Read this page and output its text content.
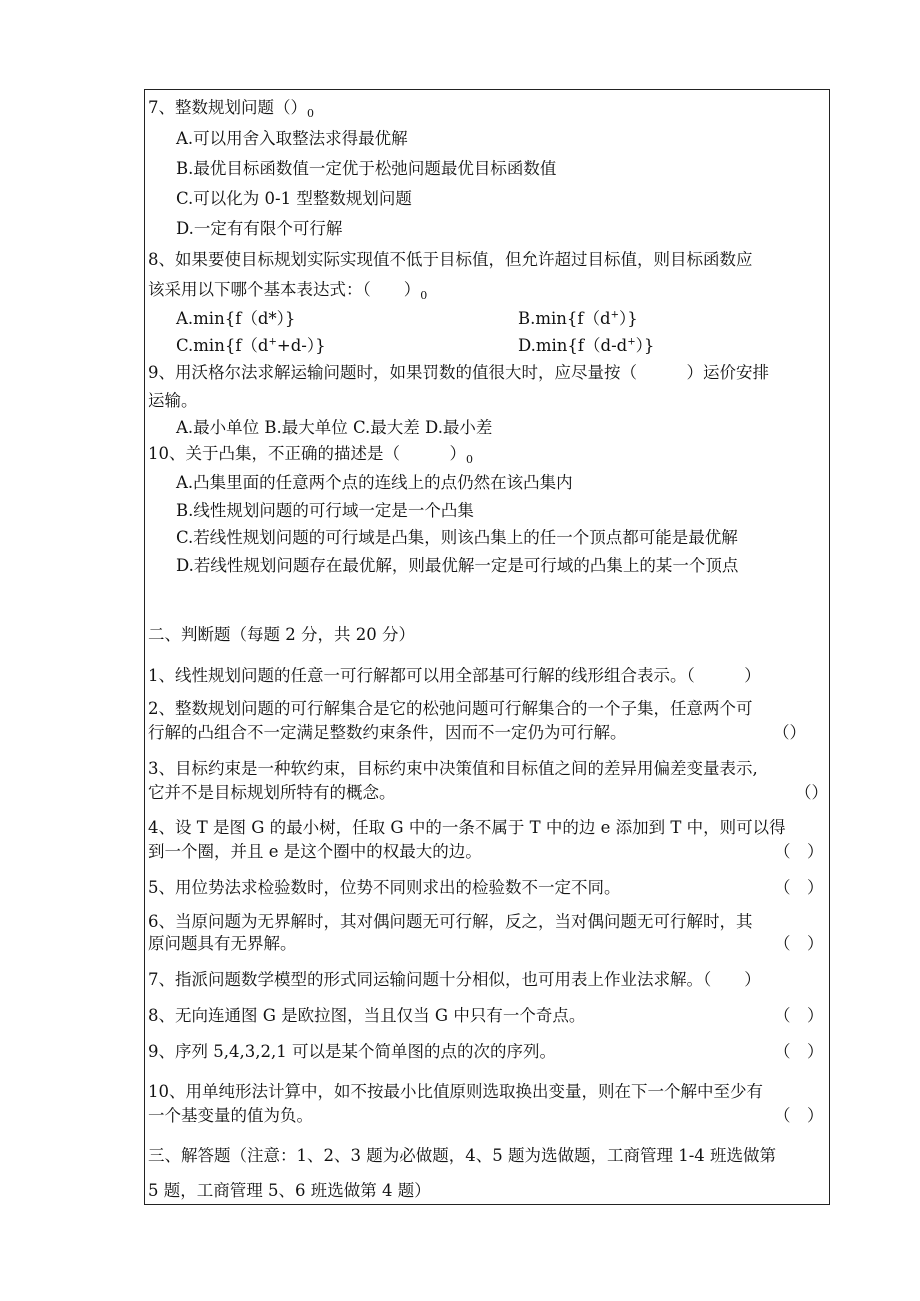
7、整数规划问题$()_0$
A.可以用舍入取整法求得最优解
B.最优目标函数值一定优于松弛问题最优目标函数值
C.可以化为 0-1 型整数规划问题
D.一定有有限个可行解
8、如果要使目标规划实际实现值不低于目标值，但允许超过目标值，则目标函数应
该采用以下哪个基本表达式：（　　）$_0$
A.min{f（d*）}	B.min{f（d+）}
C.min{f（d++d-）}	D.min{f（d-d+）}
9、用沃格尔法求解运输问题时，如果罚数的值很大时，应尽量按（　　　）运价安排
运输。
A.最小单位 B.最大单位 C.最大差 D.最小差
10、关于凸集，不正确的描述是（　　　）$_0$
A.凸集里面的任意两个点的连线上的点仍然在该凸集内
B.线性规划问题的可行域一定是一个凸集
C.若线性规划问题的可行域是凸集，则该凸集上的任一个顶点都可能是最优解
D.若线性规划问题存在最优解，则最优解一定是可行域的凸集上的某一个顶点
二、判断题（每题 2 分，共 20 分）
1、线性规划问题的任意一可行解都可以用全部基可行解的线形组合表示。（　　　）
2、整数规划问题的可行解集合是它的松弛问题可行解集合的一个子集，任意两个可
行解的凸组合不一定满足整数约束条件，因而不一定仍为可行解。	（）
3、目标约束是一种软约束，目标约束中决策值和目标值之间的差异用偏差变量表示,
它并不是目标规划所特有的概念。	（）
4、设 T 是图 G 的最小树，任取 G 中的一条不属于 T 中的边 e 添加到 T 中，则可以得
到一个圈，并且 e 是这个圈中的权最大的边。	（　）
5、用位势法求检验数时，位势不同则求出的检验数不一定不同。	（　）
6、当原问题为无界解时，其对偶问题无可行解，反之，当对偶问题无可行解时，其
原问题具有无界解。	（　）
7、指派问题数学模型的形式同运输问题十分相似，也可用表上作业法求解。（　　）
8、无向连通图 G 是欧拉图，当且仅当 G 中只有一个奇点。	（　）
9、序列 5,4,3,2,1 可以是某个简单图的点的次的序列。	（　）
10、用单纯形法计算中，如不按最小比值原则选取换出变量，则在下一个解中至少有
一个基变量的值为负。	（　）
三、解答题（注意：1、2、3 题为必做题，4、5 题为选做题，工商管理 1-4 班选做第
5 题，工商管理 5、6 班选做第 4 题）
